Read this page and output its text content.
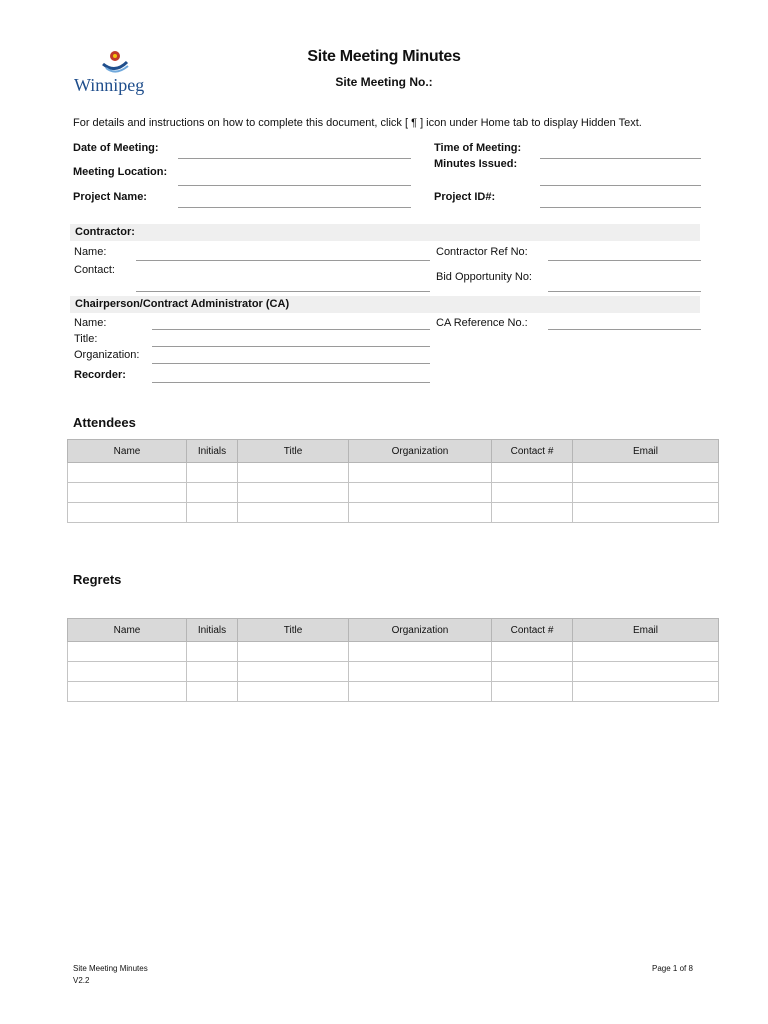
Winnipeg
Site Meeting Minutes
Site Meeting No.:
For details and instructions on how to complete this document, click [ ¶ ] icon under Home tab to display Hidden Text.
Date of Meeting:	Time of Meeting:
Minutes Issued:
Meeting Location:
Project Name:	Project ID#:
Contractor:
Name:
Contact:
Contractor Ref No:
Bid Opportunity No:
Chairperson/Contract Administrator (CA)
Name:
Title:
Organization:
Recorder:
CA Reference No.:
Attendees
Name	Initials	Title	Organization	Contact #	Email

Regrets
Name	Initials	Title	Organization	Contact #	Email

Site Meeting Minutes
V2.2
Page 1 of 8
